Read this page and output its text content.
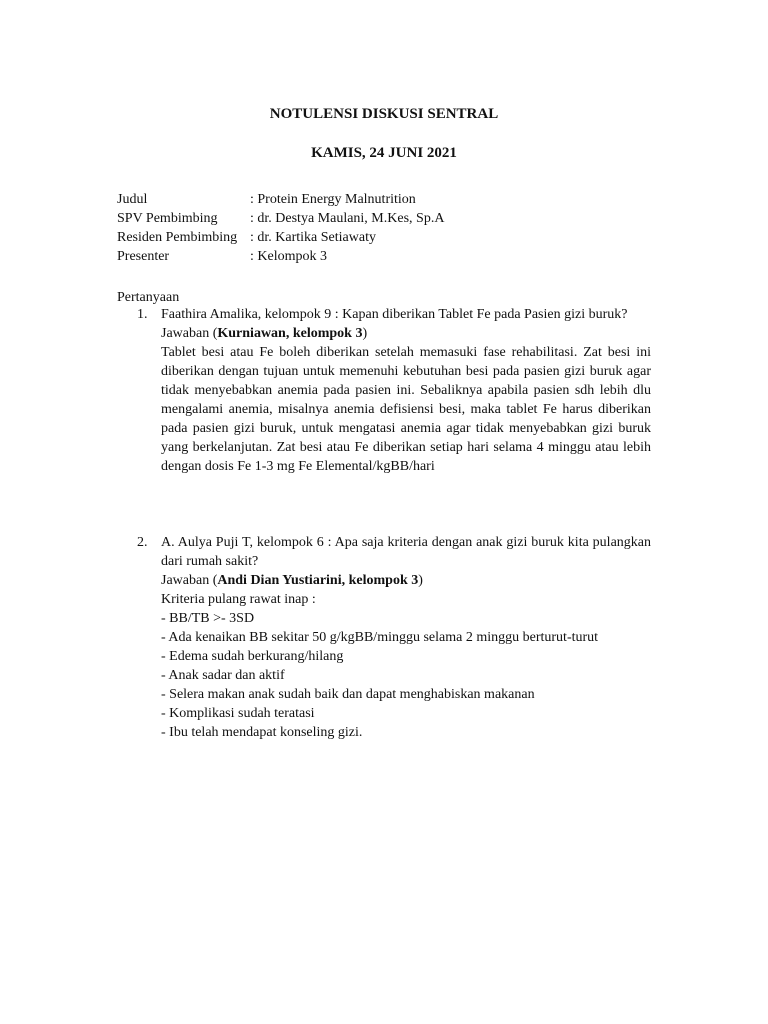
NOTULENSI DISKUSI SENTRAL
KAMIS, 24 JUNI 2021
Judul	: Protein Energy Malnutrition
SPV Pembimbing	: dr. Destya Maulani, M.Kes, Sp.A
Residen Pembimbing : dr. Kartika Setiawaty
Presenter	: Kelompok 3
Pertanyaan
1. Faathira Amalika, kelompok 9 : Kapan diberikan Tablet Fe pada Pasien gizi buruk?
Jawaban (Kurniawan, kelompok 3)
Tablet besi atau Fe boleh diberikan setelah memasuki fase rehabilitasi. Zat besi ini diberikan dengan tujuan untuk memenuhi kebutuhan besi pada pasien gizi buruk agar tidak menyebabkan anemia pada pasien ini. Sebaliknya apabila pasien sdh lebih dlu mengalami anemia, misalnya anemia defisiensi besi, maka tablet Fe harus diberikan pada pasien gizi buruk, untuk mengatasi anemia agar tidak menyebabkan gizi buruk yang berkelanjutan. Zat besi atau Fe diberikan setiap hari selama 4 minggu atau lebih dengan dosis Fe 1-3 mg Fe Elemental/kgBB/hari
2. A. Aulya Puji T, kelompok 6 : Apa saja kriteria dengan anak gizi buruk kita pulangkan dari rumah sakit?
Jawaban (Andi Dian Yustiarini, kelompok 3)
Kriteria pulang rawat inap :
- BB/TB >- 3SD
- Ada kenaikan BB sekitar 50 g/kgBB/minggu selama 2 minggu berturut-turut
- Edema sudah berkurang/hilang
- Anak sadar dan aktif
- Selera makan anak sudah baik dan dapat menghabiskan makanan
- Komplikasi sudah teratasi
- Ibu telah mendapat konseling gizi.
